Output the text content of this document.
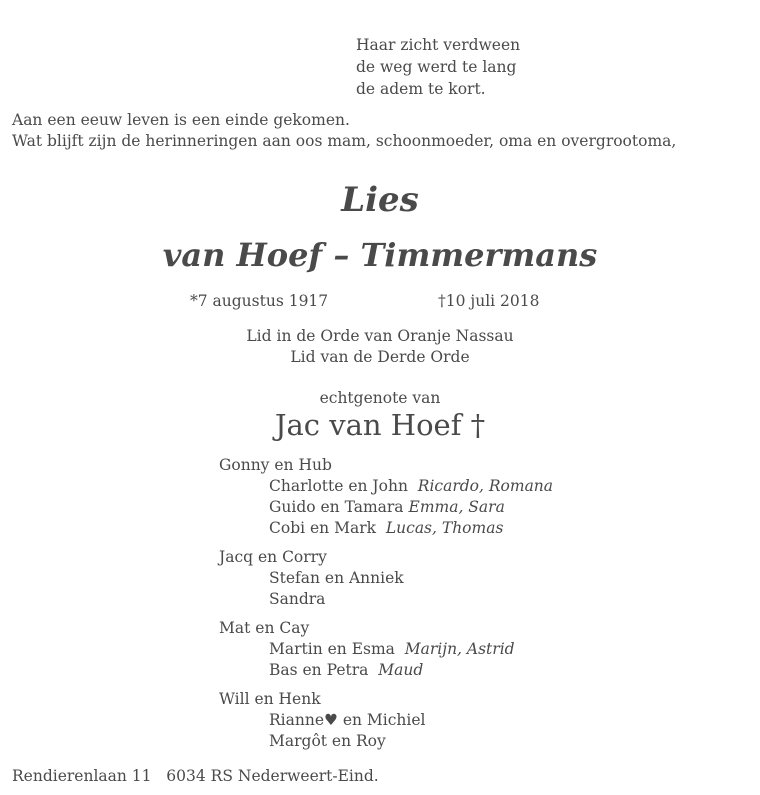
Haar zicht verdween
de weg werd te lang
de adem te kort.
Aan een eeuw leven is een einde gekomen.
Wat blijft zijn de herinneringen aan oos mam, schoonmoeder, oma en overgrootoma,
Lies
van Hoef – Timmermans
*7 augustus 1917	†10 juli 2018
Lid in de Orde van Oranje Nassau
Lid van de Derde Orde
echtgenote van
Jac van Hoef †
Gonny en Hub
Charlotte en John Ricardo, Romana
Guido en Tamara Emma, Sara
Cobi en Mark Lucas, Thomas
Jacq en Corry
Stefan en Anniek
Sandra
Mat en Cay
Martin en Esma Marijn, Astrid
Bas en Petra Maud
Will en Henk
Rianne♥ en Michiel
Margôt en Roy
Rendierenlaan 11 6034 RS Nederweert-Eind.
